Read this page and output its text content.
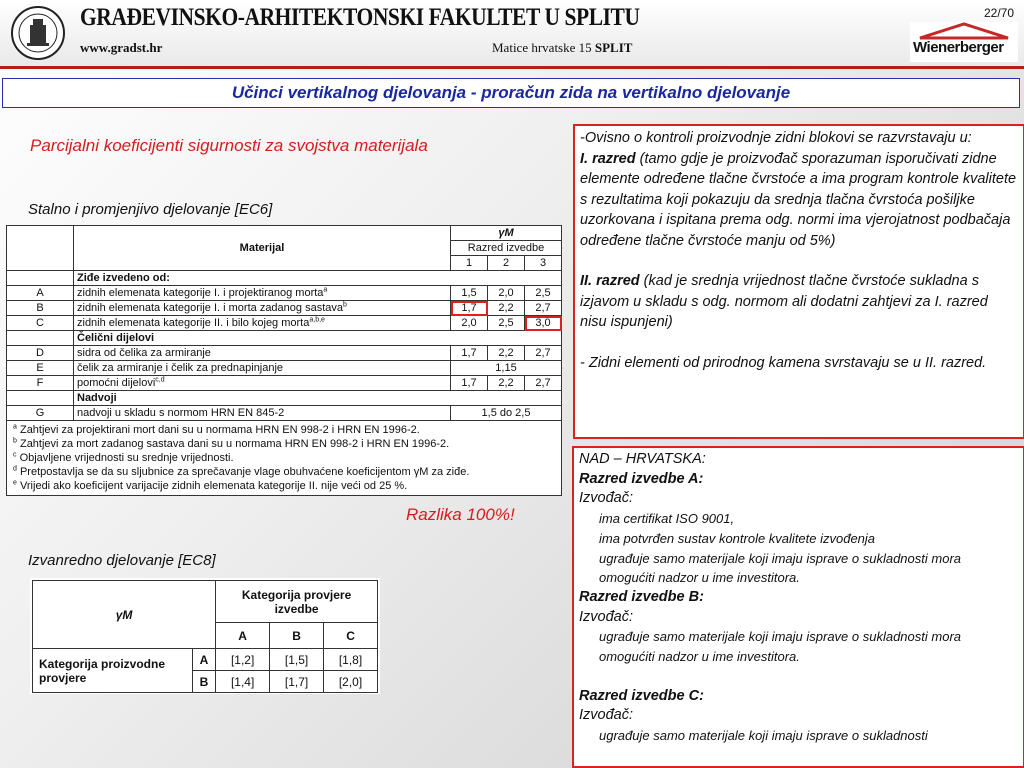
GRAĐEVINSKO-ARHITEKTONSKI FAKULTET U SPLITU
www.gradst.hr	Matice hrvatske 15 SPLIT
22/70
Wienerberger
Učinci vertikalnog djelovanja - proračun zida na vertikalno djelovanje
Parcijalni koeficijenti sigurnosti za svojstva materijala
Stalno i promjenjivo djelovanje [EC6]
	Materijal	γM		
		Razred izvedbe		
		1	2	3
	Ziđe izvedeno od:			
A	zidnih elemenata kategorije I. i projektiranog morta$^a$	1,5	2,0	2,5
B	zidnih elemenata kategorije I. i morta zadanog sastava$^b$	1,7	2,2	2,7
C	zidnih elemenata kategorije II. i bilo kojeg morta$^{a,b,e}$	2,0	2,5	3,0
	Čelični dijelovi			
D	sidra od čelika za armiranje	1,7	2,2	2,7
E	čelik za armiranje i čelik za prednapinjanje	1,15		
F	pomoćni dijelovi$^{c,d}$	1,7	2,2	2,7
	Nadvoji			
G	nadvoji u skladu s normom HRN EN 845-2	1,5 do 2,5		

$^a$ Zahtjevi za projektirani mort dani su u normama HRN EN 998-2 i HRN EN 1996-2.
$^b$ Zahtjevi za mort zadanog sastava dani su u normama HRN EN 998-2 i HRN EN 1996-2.
$^c$ Objavljene vrijednosti su srednje vrijednosti.
$^d$ Pretpostavlja se da su sljubnice za sprečavanje vlage obuhvaćene koeficijentom γM za ziđe.
$^e$ Vrijedi ako koeficijent varijacije zidnih elemenata kategorije II. nije veći od 25 %.				
Razlika 100%!
Izvanredno djelovanje [EC8]
γM		Kategorija provjere izvedbe		
		A	B	C
Kategorija proizvodne provjere	A	[1,2]	[1,5]	[1,8]
	B	[1,4]	[1,7]	[2,0]
-Ovisno o kontroli proizvodnje zidni blokovi se razvrstavaju u:
I. razred (tamo gdje je proizvođač sporazuman isporučivati zidne elemente određene tlačne čvrstoće a ima program kontrole kvalitete s rezultatima koji pokazuju da srednja tlačna čvrstoća pošiljke uzorkovana i ispitana prema odg. normi ima vjerojatnost podbačaja određene tlačne čvrstoće manju od 5%)
II. razred (kad je srednja vrijednost tlačne čvrstoće sukladna s izjavom u skladu s odg. normom ali dodatni zahtjevi za I. razred nisu ispunjeni)
- Zidni elementi od prirodnog kamena svrstavaju se u II. razred.
NAD – HRVATSKA:
Razred izvedbe A:
Izvođač:
ima certifikat ISO 9001,
ima potvrđen sustav kontrole kvalitete izvođenja
ugrađuje samo materijale koji imaju isprave o sukladnosti mora omogućiti nadzor u ime investitora.
Razred izvedbe B:
Izvođač:
ugrađuje samo materijale koji imaju isprave o sukladnosti mora omogućiti nadzor u ime investitora.
Razred izvedbe C:
Izvođač:
ugrađuje samo materijale koji imaju isprave o sukladnosti
